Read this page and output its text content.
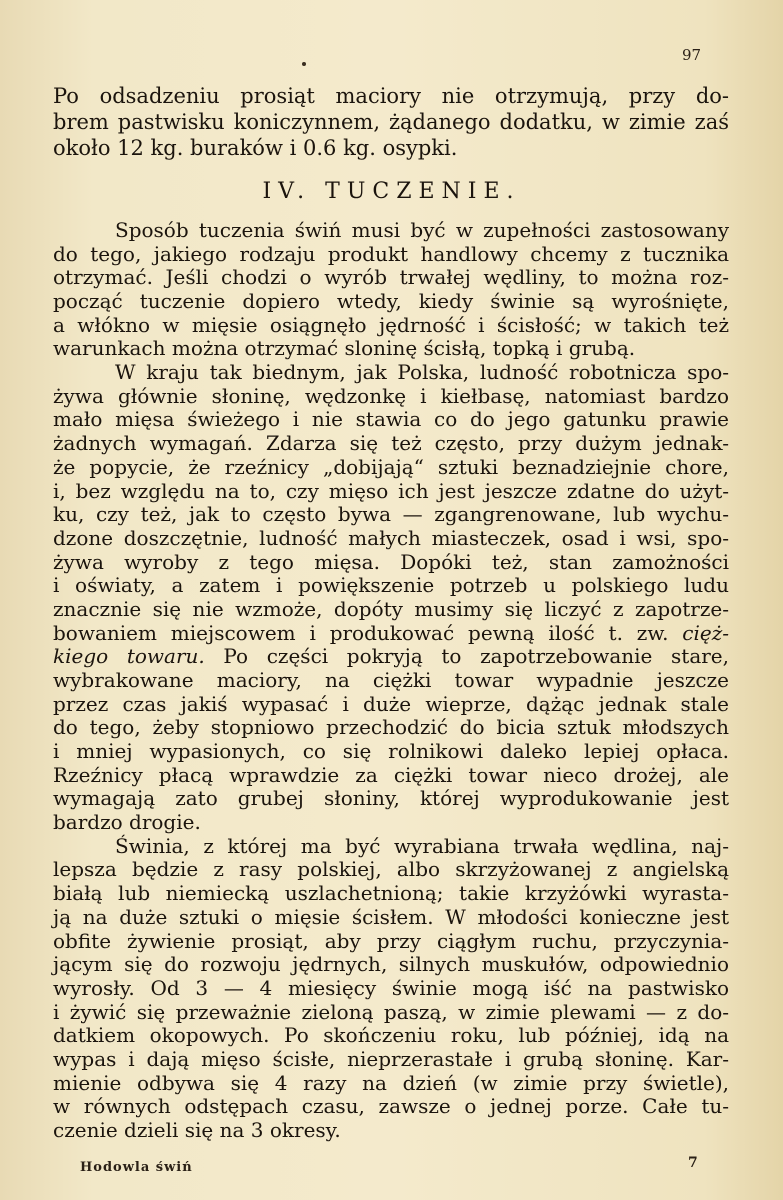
97
Po odsadzeniu prosiąt maciory nie otrzymują, przy do-
brem pastwisku koniczynnem, żądanego dodatku, w zimie zaś
około 12 kg. buraków i 0.6 kg. osypki.
IV. TUCZENIE.
Sposób tuczenia świń musi być w zupełności zastosowany
do tego, jakiego rodzaju produkt handlowy chcemy z tucznika
otrzymać. Jeśli chodzi o wyrób trwałej wędliny, to można roz-
począć tuczenie dopiero wtedy, kiedy świnie są wyrośnięte,
a włókno w mięsie osiągnęło jędrność i ścisłość; w takich też
warunkach można otrzymać sloninę ścisłą, topką i grubą.
W kraju tak biednym, jak Polska, ludność robotnicza spo-
żywa głównie słoninę, wędzonkę i kiełbasę, natomiast bardzo
mało mięsa świeżego i nie stawia co do jego gatunku prawie
żadnych wymagań. Zdarza się też często, przy dużym jednak-
że popycie, że rzeźnicy „dobijają“ sztuki beznadziejnie chore,
i, bez względu na to, czy mięso ich jest jeszcze zdatne do użyt-
ku, czy też, jak to często bywa — zgangrenowane, lub wychu-
dzone doszczętnie, ludność małych miasteczek, osad i wsi, spo-
żywa wyroby z tego mięsa. Dopóki też, stan zamożności
i oświaty, a zatem i powiększenie potrzeb u polskiego ludu
znacznie się nie wzmoże, dopóty musimy się liczyć z zapotrze-
bowaniem miejscowem i produkować pewną ilość t. zw. cięż-
kiego towaru. Po części pokryją to zapotrzebowanie stare,
wybrakowane maciory, na ciężki towar wypadnie jeszcze
przez czas jakiś wypasać i duże wieprze, dążąc jednak stale
do tego, żeby stopniowo przechodzić do bicia sztuk młodszych
i mniej wypasionych, co się rolnikowi daleko lepiej opłaca.
Rzeźnicy płacą wprawdzie za ciężki towar nieco drożej, ale
wymagają zato grubej słoniny, której wyprodukowanie jest
bardzo drogie.
Świnia, z której ma być wyrabiana trwała wędlina, naj-
lepsza będzie z rasy polskiej, albo skrzyżowanej z angielską
białą lub niemiecką uszlachetnioną; takie krzyżówki wyrasta-
ją na duże sztuki o mięsie ścisłem. W młodości konieczne jest
obfite żywienie prosiąt, aby przy ciągłym ruchu, przyczynia-
jącym się do rozwoju jędrnych, silnych muskułów, odpowiednio
wyrosły. Od 3 — 4 miesięcy świnie mogą iść na pastwisko
i żywić się przeważnie zieloną paszą, w zimie plewami — z do-
datkiem okopowych. Po skończeniu roku, lub później, idą na
wypas i dają mięso ścisłe, nieprzerastałe i grubą słoninę. Kar-
mienie odbywa się 4 razy na dzień (w zimie przy świetle),
w równych odstępach czasu, zawsze o jednej porze. Całe tu-
czenie dzieli się na 3 okresy.
Hodowla świń	7
